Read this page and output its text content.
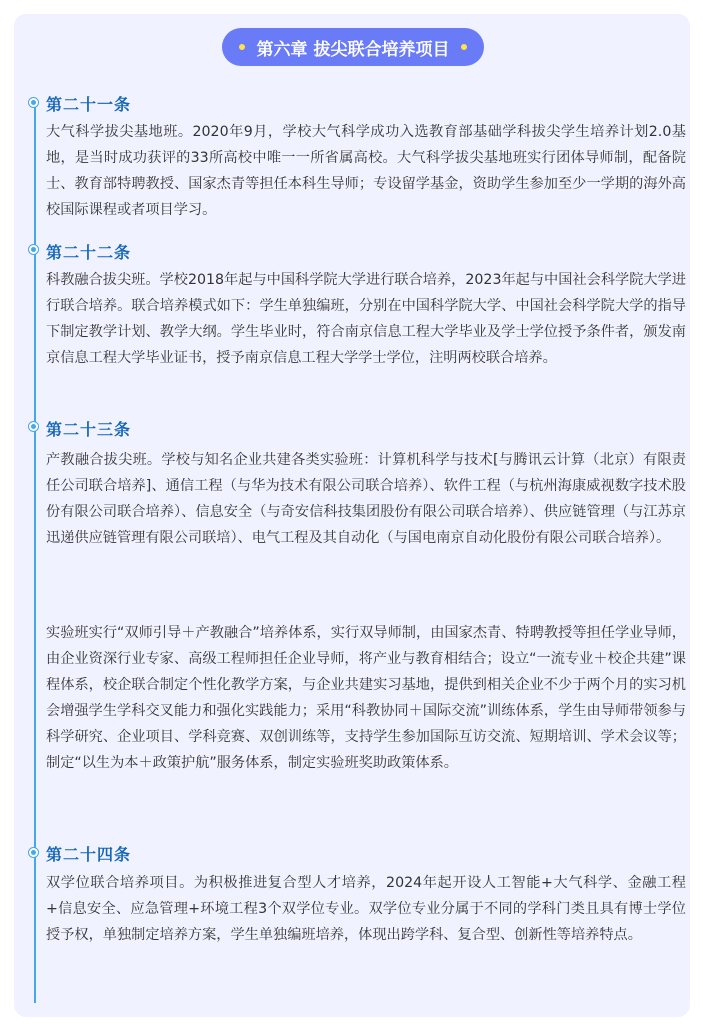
第六章 拔尖联合培养项目
第二十一条

大气科学拔尖基地班。2020年9月，学校大气科学成功入选教育部基础学科拔尖学生培养计划2.0基地，是当时成功获评的33所高校中唯一一所省属高校。大气科学拔尖基地班实行团体导师制，配备院士、教育部特聘教授、国家杰青等担任本科生导师；专设留学基金，资助学生参加至少一学期的海外高校国际课程或者项目学习。

第二十二条

科教融合拔尖班。学校2018年起与中国科学院大学进行联合培养，2023年起与中国社会科学院大学进行联合培养。联合培养模式如下：学生单独编班，分别在中国科学院大学、中国社会科学院大学的指导下制定教学计划、教学大纲。学生毕业时，符合南京信息工程大学毕业及学士学位授予条件者，颁发南京信息工程大学毕业证书，授予南京信息工程大学学士学位，注明两校联合培养。

第二十三条

产教融合拔尖班。学校与知名企业共建各类实验班：计算机科学与技术[与腾讯云计算（北京）有限责任公司联合培养]、通信工程（与华为技术有限公司联合培养）、软件工程（与杭州海康威视数字技术股份有限公司联合培养）、信息安全（与奇安信科技集团股份有限公司联合培养）、供应链管理（与江苏京迅递供应链管理有限公司联培）、电气工程及其自动化（与国电南京自动化股份有限公司联合培养）。

实验班实行“双师引导＋产教融合”培养体系，实行双导师制，由国家杰青、特聘教授等担任学业导师，由企业资深行业专家、高级工程师担任企业导师，将产业与教育相结合；设立“一流专业＋校企共建”课程体系，校企联合制定个性化教学方案，与企业共建实习基地，提供到相关企业不少于两个月的实习机会增强学生学科交叉能力和强化实践能力；采用“科教协同＋国际交流”训练体系，学生由导师带领参与科学研究、企业项目、学科竞赛、双创训练等，支持学生参加国际互访交流、短期培训、学术会议等；制定“以生为本＋政策护航”服务体系，制定实验班奖助政策体系。

第二十四条

双学位联合培养项目。为积极推进复合型人才培养，2024年起开设人工智能+大气科学、金融工程+信息安全、应急管理+环境工程3个双学位专业。双学位专业分属于不同的学科门类且具有博士学位授予权，单独制定培养方案，学生单独编班培养，体现出跨学科、复合型、创新性等培养特点。
